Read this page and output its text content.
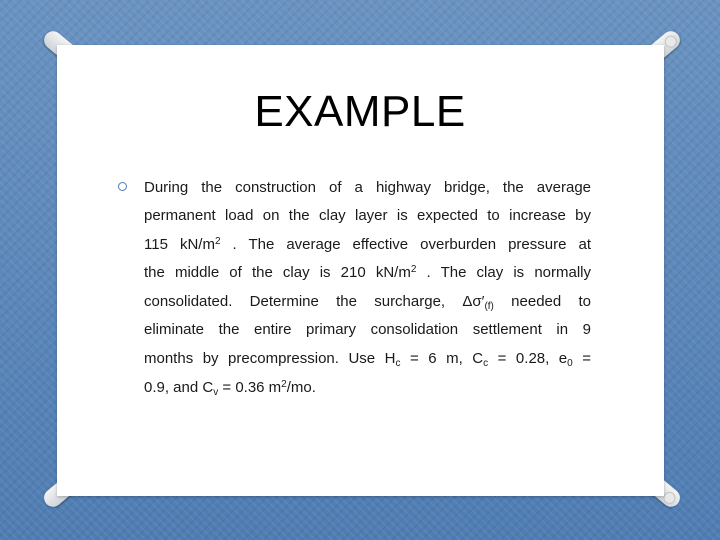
EXAMPLE
During the construction of a highway bridge, the average
permanent load on the clay layer is expected to increase by
115 $kN/m^2$ . The average effective overburden pressure at
the middle of the clay is 210 $kN/m^2$ . The clay is normally
consolidated. Determine the surcharge, $\Delta\sigma'_{(f)}$ needed to
eliminate the entire primary consolidation settlement in 9
months by precompression. Use $H_c = 6$ m, $C_c = 0.28$, $e_0$ =
0.9, and $C_v = 0.36$ $m^2/mo$.
